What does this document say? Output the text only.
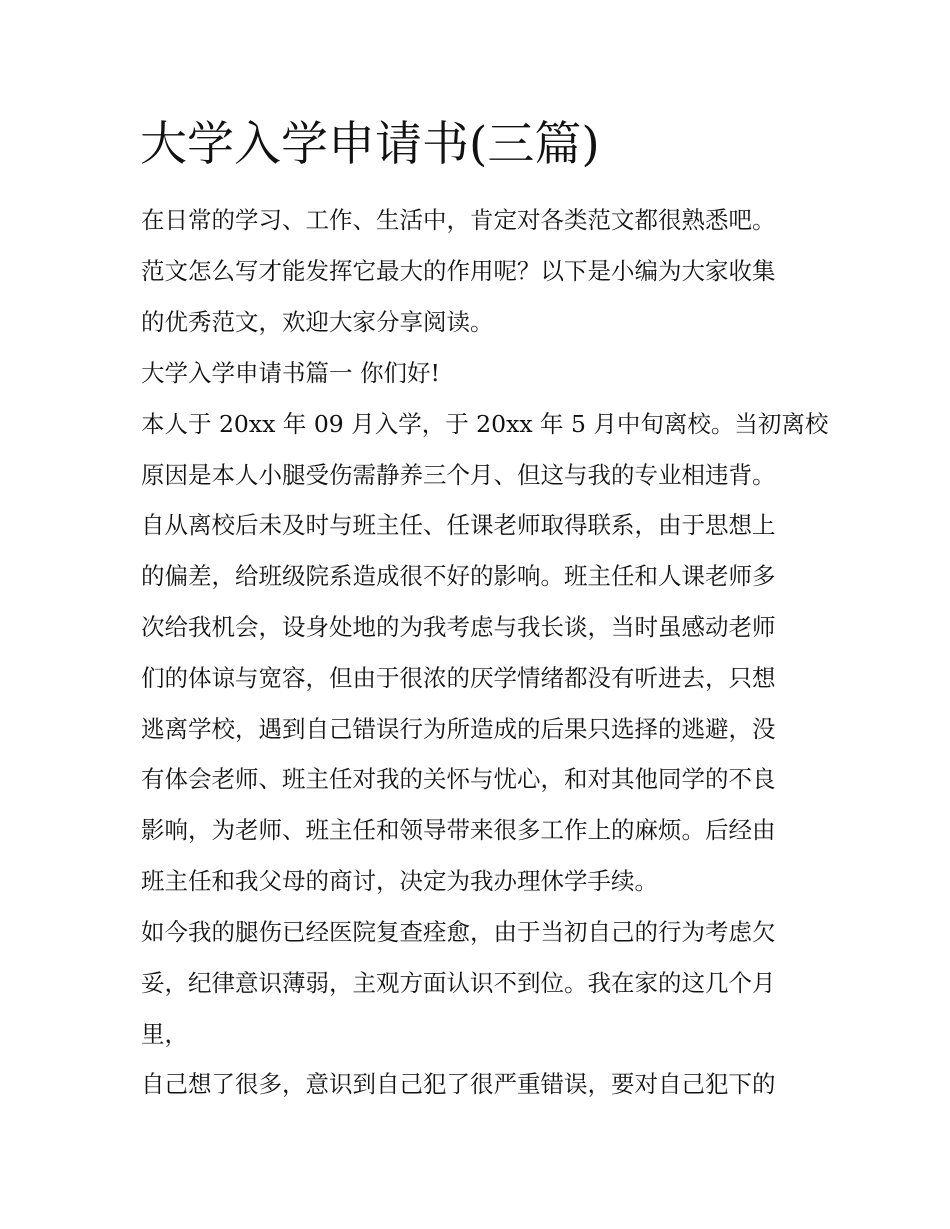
大学入学申请书(三篇)

在日常的学习、工作、生活中，肯定对各类范文都很熟悉吧。

范文怎么写才能发挥它最大的作用呢？以下是小编为大家收集

的优秀范文，欢迎大家分享阅读。

大学入学申请书篇一 你们好!

本人于 20xx 年 09 月入学，于 20xx 年 5 月中旬离校。当初离校

原因是本人小腿受伤需静养三个月、但这与我的专业相违背。

自从离校后未及时与班主任、任课老师取得联系，由于思想上

的偏差，给班级院系造成很不好的影响。班主任和人课老师多

次给我机会，设身处地的为我考虑与我长谈，当时虽感动老师

们的体谅与宽容，但由于很浓的厌学情绪都没有听进去，只想

逃离学校，遇到自己错误行为所造成的后果只选择的逃避，没

有体会老师、班主任对我的关怀与忧心，和对其他同学的不良

影响，为老师、班主任和领导带来很多工作上的麻烦。后经由

班主任和我父母的商讨，决定为我办理休学手续。

如今我的腿伤已经医院复查痊愈，由于当初自己的行为考虑欠

妥，纪律意识薄弱，主观方面认识不到位。我在家的这几个月

里，

自己想了很多，意识到自己犯了很严重错误，要对自己犯下的
